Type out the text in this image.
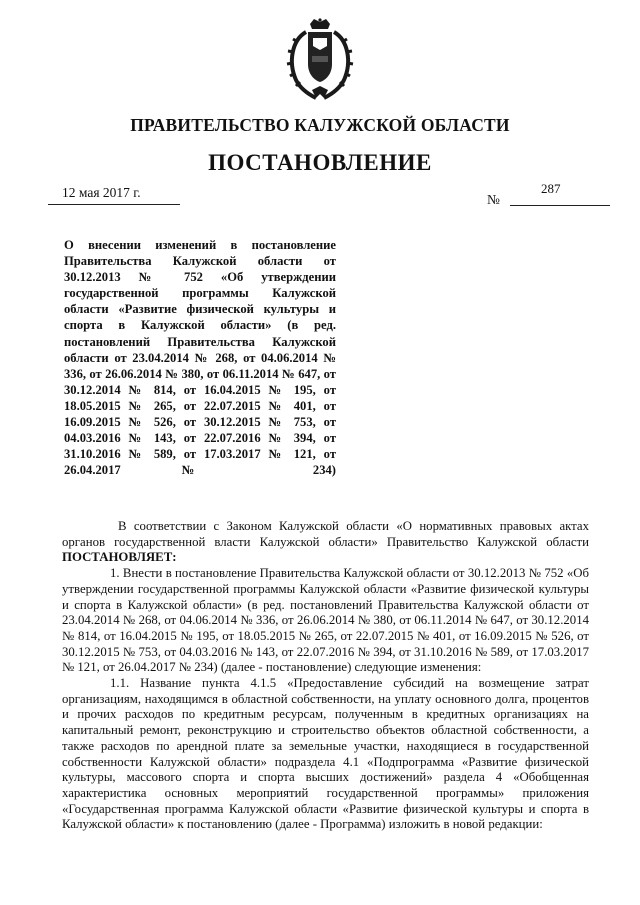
ПРАВИТЕЛЬСТВО КАЛУЖСКОЙ ОБЛАСТИ
ПОСТАНОВЛЕНИЕ
12 мая 2017 г.	№
287
О внесении изменений в постановление Правительства Калужской области от 30.12.2013 № 752 «Об утверждении государственной программы Калужской области «Развитие физической культуры и спорта в Калужской области» (в ред. постановлений Правительства Калужской области от 23.04.2014 № 268, от 04.06.2014 № 336, от 26.06.2014 № 380, от 06.11.2014 № 647, от 30.12.2014 № 814, от 16.04.2015 № 195, от 18.05.2015 № 265, от 22.07.2015 № 401, от 16.09.2015 № 526, от 30.12.2015 № 753, от 04.03.2016 № 143, от 22.07.2016 № 394, от 31.10.2016 № 589, от 17.03.2017 № 121, от 26.04.2017 № 234)

В соответствии с Законом Калужской области «О нормативных правовых актах органов государственной власти Калужской области» Правительство Калужской области ПОСТАНОВЛЯЕТ:

1. Внести в постановление Правительства Калужской области от 30.12.2013 № 752 «Об утверждении государственной программы Калужской области «Развитие физической культуры и спорта в Калужской области» (в ред. постановлений Правительства Калужской области от 23.04.2014 № 268, от 04.06.2014 № 336, от 26.06.2014 № 380, от 06.11.2014 № 647, от 30.12.2014 № 814, от 16.04.2015 № 195, от 18.05.2015 № 265, от 22.07.2015 № 401, от 16.09.2015 № 526, от 30.12.2015 № 753, от 04.03.2016 № 143, от 22.07.2016 № 394, от 31.10.2016 № 589, от 17.03.2017 № 121, от 26.04.2017 № 234) (далее - постановление) следующие изменения:

1.1. Название пункта 4.1.5 «Предоставление субсидий на возмещение затрат организациям, находящимся в областной собственности, на уплату основного долга, процентов и прочих расходов по кредитным ресурсам, полученным в кредитных организациях на капитальный ремонт, реконструкцию и строительство объектов областной собственности, а также расходов по арендной плате за земельные участки, находящиеся в государственной собственности Калужской области» подраздела 4.1 «Подпрограмма «Развитие физической культуры, массового спорта и спорта высших достижений» раздела 4 «Обобщенная характеристика основных мероприятий государственной программы» приложения «Государственная программа Калужской области «Развитие физической культуры и спорта в Калужской области» к постановлению (далее - Программа) изложить в новой редакции:
